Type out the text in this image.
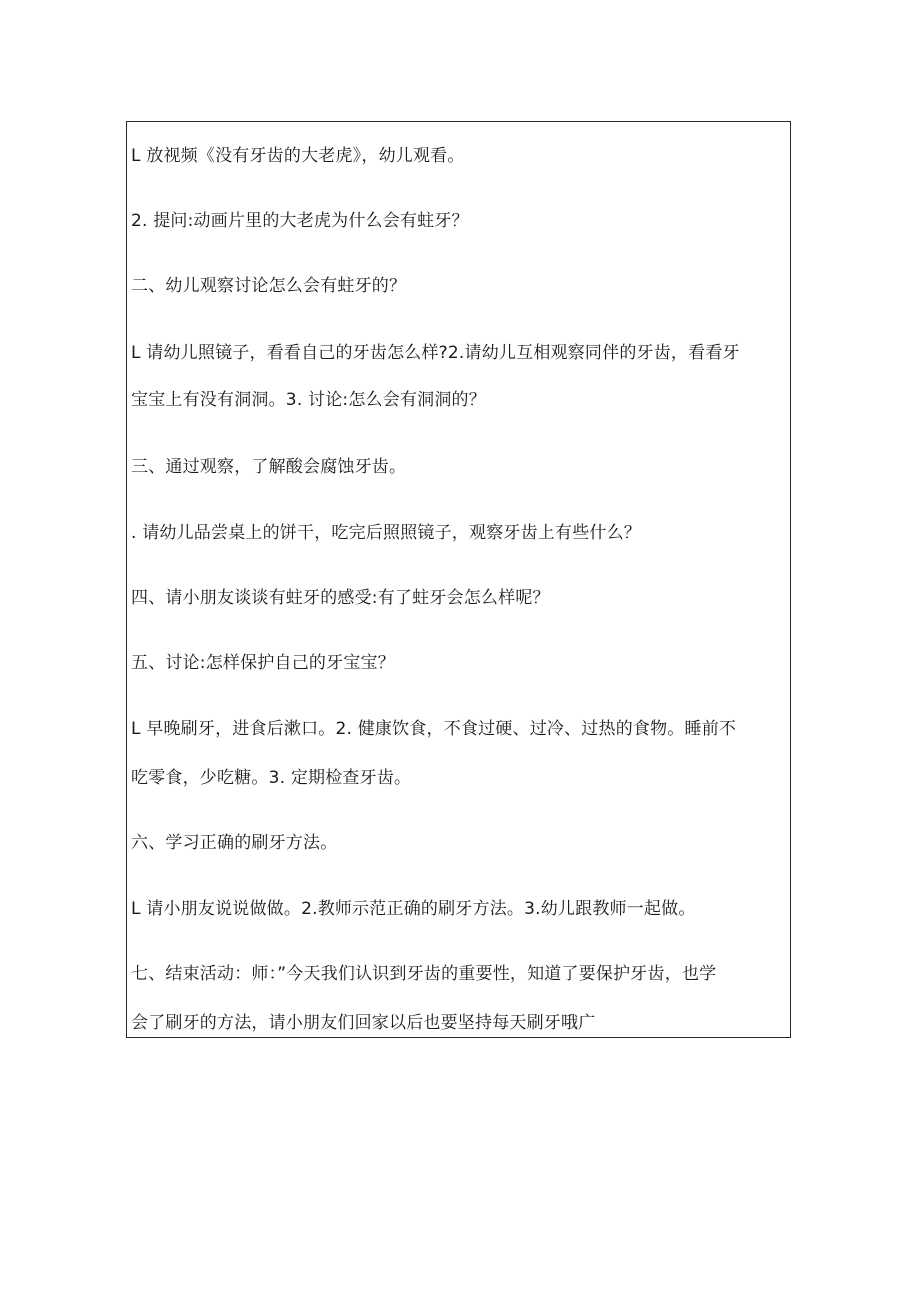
L 放视频《没有牙齿的大老虎》，幼儿观看。
2. 提问:动画片里的大老虎为什么会有蛀牙？
二、幼儿观察讨论怎么会有蛀牙的？
L 请幼儿照镜子，看看自己的牙齿怎么样?2.请幼儿互相观察同伴的牙齿，看看牙
宝宝上有没有洞洞。3. 讨论:怎么会有洞洞的？
三、通过观察，了解酸会腐蚀牙齿。
. 请幼儿品尝桌上的饼干，吃完后照照镜子，观察牙齿上有些什么？
四、请小朋友谈谈有蛀牙的感受:有了蛀牙会怎么样呢？
五、讨论:怎样保护自己的牙宝宝？
L 早晚刷牙，进食后漱口。2. 健康饮食，不食过硬、过冷、过热的食物。睡前不
吃零食，少吃糖。3. 定期检查牙齿。
六、学习正确的刷牙方法。
L 请小朋友说说做做。2.教师示范正确的刷牙方法。3.幼儿跟教师一起做。
七、结束活动：师：”今天我们认识到牙齿的重要性，知道了要保护牙齿，也学
会了刷牙的方法，请小朋友们回家以后也要坚持每天刷牙哦广
